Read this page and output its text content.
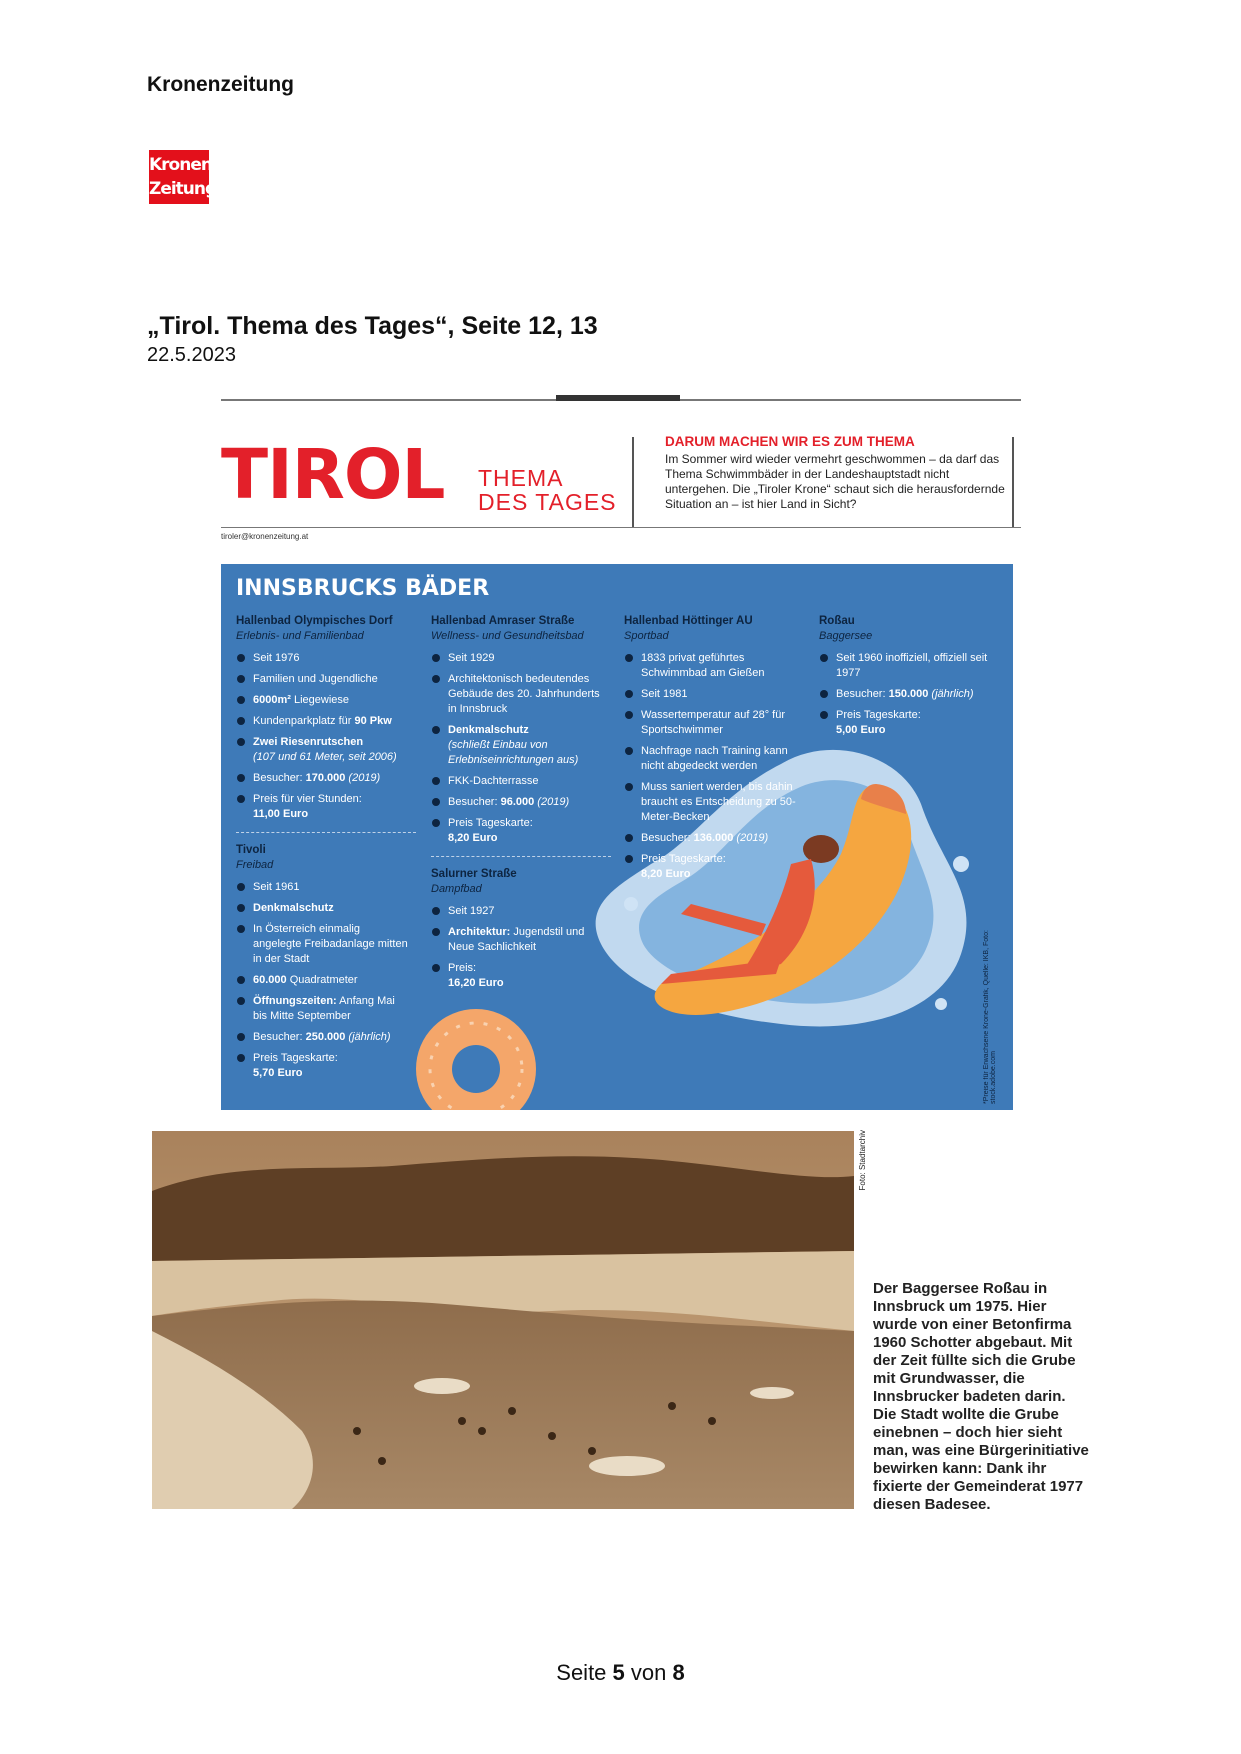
Kronenzeitung
Kronen
Zeitung
„Tirol. Thema des Tages“, Seite 12, 13
22.5.2023
TIROL THEMA
DES TAGES
DARUM MACHEN WIR ES ZUM THEMA
Im Sommer wird wieder vermehrt geschwommen – da darf das Thema Schwimmbäder in der Landeshauptstadt nicht untergehen. Die „Tiroler Krone“ schaut sich die herausfordernde Situation an – ist hier Land in Sicht?
tiroler@kronenzeitung.at
INNSBRUCKS BÄDER
Hallenbad Olympisches Dorf
Erlebnis- und Familienbad
Seit 1976
Familien und Jugendliche
6000m² Liegewiese
Kundenparkplatz für 90 Pkw
Zwei Riesenrutschen
(107 und 61 Meter, seit 2006)
Besucher: 170.000 (2019)
Preis für vier Stunden:
11,00 Euro
Tivoli
Freibad
Seit 1961
Denkmalschutz
In Österreich einmalig angelegte Freibadanlage mitten in der Stadt
60.000 Quadratmeter
Öffnungszeiten: Anfang Mai bis Mitte September
Besucher: 250.000 (jährlich)
Preis Tageskarte:
5,70 Euro
Hallenbad Amraser Straße
Wellness- und Gesundheitsbad
Seit 1929
Architektonisch bedeutendes Gebäude des 20. Jahrhunderts in Innsbruck
Denkmalschutz
(schließt Einbau von Erlebniseinrichtungen aus)
FKK-Dachterrasse
Besucher: 96.000 (2019)
Preis Tageskarte:
8,20 Euro
Salurner Straße
Dampfbad
Seit 1927
Architektur: Jugendstil und Neue Sachlichkeit
Preis:
16,20 Euro
Hallenbad Höttinger AU
Sportbad
1833 privat geführtes Schwimmbad am Gießen
Seit 1981
Wassertemperatur auf 28° für Sportschwimmer
Nachfrage nach Training kann nicht abgedeckt werden
Muss saniert werden, bis dahin braucht es Entscheidung zu 50-Meter-Becken
Besucher: 136.000 (2019)
Preis Tageskarte:
8,20 Euro
Roßau
Baggersee
Seit 1960 inoffiziell, offiziell seit 1977
Besucher: 150.000 (jährlich)
Preis Tageskarte:
5,00 Euro
*Preise für Erwachsene Krone-Grafik, Quelle: IKB, Foto: stock.adobe.com
Foto: Stadtarchiv
Der Baggersee Roßau in Innsbruck um 1975. Hier wurde von einer Betonfirma 1960 Schotter abgebaut. Mit der Zeit füllte sich die Grube mit Grundwasser, die Innsbrucker badeten darin. Die Stadt wollte die Grube einebnen – doch hier sieht man, was eine Bürgerinitiative bewirken kann: Dank ihr fixierte der Gemeinderat 1977 diesen Badesee.
Seite 5 von 8
